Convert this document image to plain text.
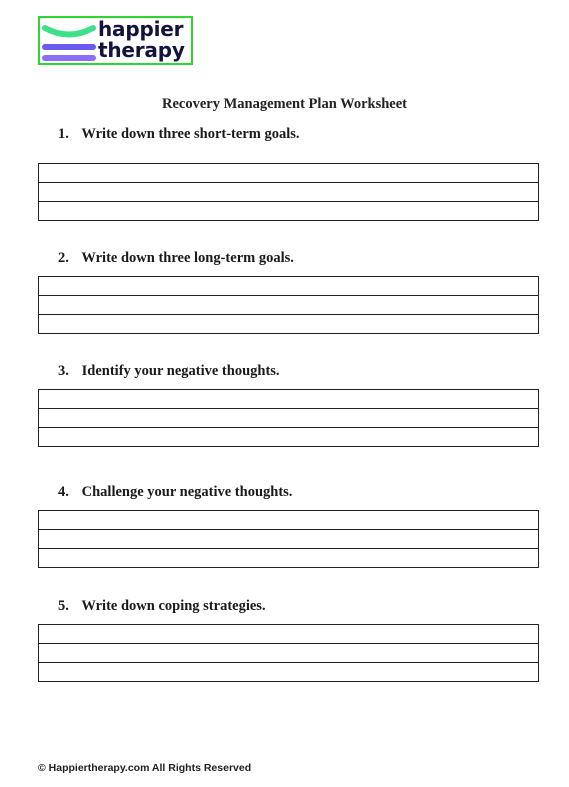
happier
therapy
Recovery Management Plan Worksheet
1. Write down three short-term goals.

2. Write down three long-term goals.

3. Identify your negative thoughts.

4. Challenge your negative thoughts.

5. Write down coping strategies.

© Happiertherapy.com All Rights Reserved
